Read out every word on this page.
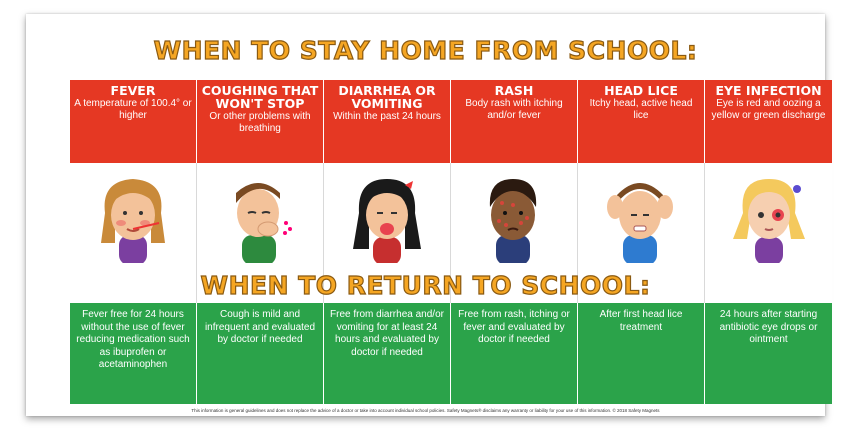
WHEN TO STAY HOME FROM SCHOOL:
FEVER
A temperature of 100.4° or higher
COUGHING THAT WON'T STOP
Or other problems with breathing
DIARRHEA OR VOMITING
Within the past 24 hours
RASH
Body rash with itching and/or fever
HEAD LICE
Itchy head, active head lice
EYE INFECTION
Eye is red and oozing a yellow or green discharge
WHEN TO RETURN TO SCHOOL:
Fever free for 24 hours without the use of fever reducing medication such as ibuprofen or acetaminophen
Cough is mild and infrequent and evaluated by doctor if needed
Free from diarrhea and/or vomiting for at least 24 hours and evaluated by doctor if needed
Free from rash, itching or fever and evaluated by doctor if needed
After first head lice treatment
24 hours after starting antibiotic eye drops or ointment
This information is general guidelines and does not replace the advice of a doctor or take into account individual school policies. Safety Magnets® disclaims any warranty or liability for your use of this information. © 2018 Safety Magnets
